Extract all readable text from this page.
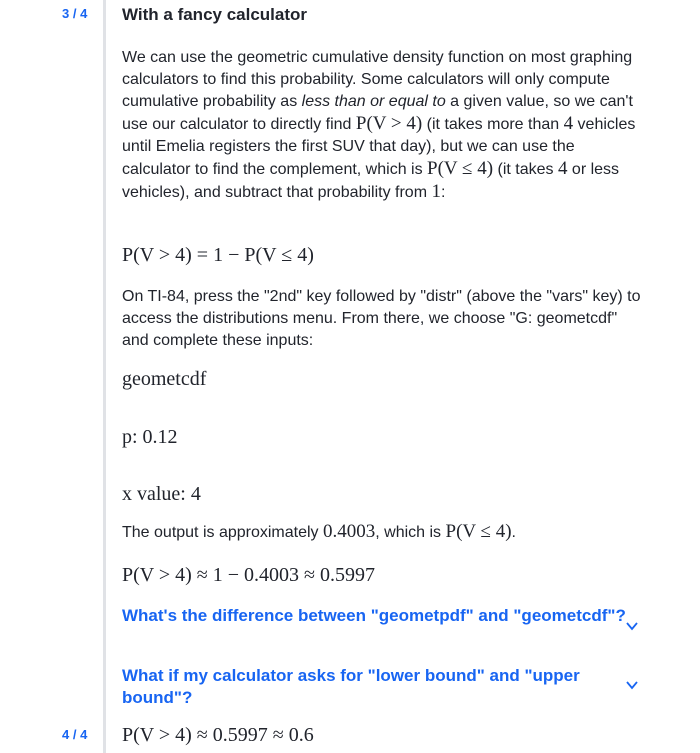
3 / 4	With a fancy calculator
We can use the geometric cumulative density function on most graphing calculators to find this probability. Some calculators will only compute cumulative probability as less than or equal to a given value, so we can't use our calculator to directly find P(V > 4) (it takes more than 4 vehicles until Emelia registers the first SUV that day), but we can use the calculator to find the complement, which is P(V ≤ 4) (it takes 4 or less vehicles), and subtract that probability from 1:
P(V > 4) = 1 − P(V ≤ 4)
On TI-84, press the "2nd" key followed by "distr" (above the "vars" key) to access the distributions menu. From there, we choose "G: geometcdf" and complete these inputs:
geometcdf
p: 0.12
x value: 4
The output is approximately 0.4003, which is P(V ≤ 4).
P(V > 4) ≈ 1 − 0.4003 ≈ 0.5997
What's the difference between "geometpdf" and "geometcdf"?
What if my calculator asks for "lower bound" and "upper bound"?
4 / 4	P(V > 4) ≈ 0.5997 ≈ 0.6
